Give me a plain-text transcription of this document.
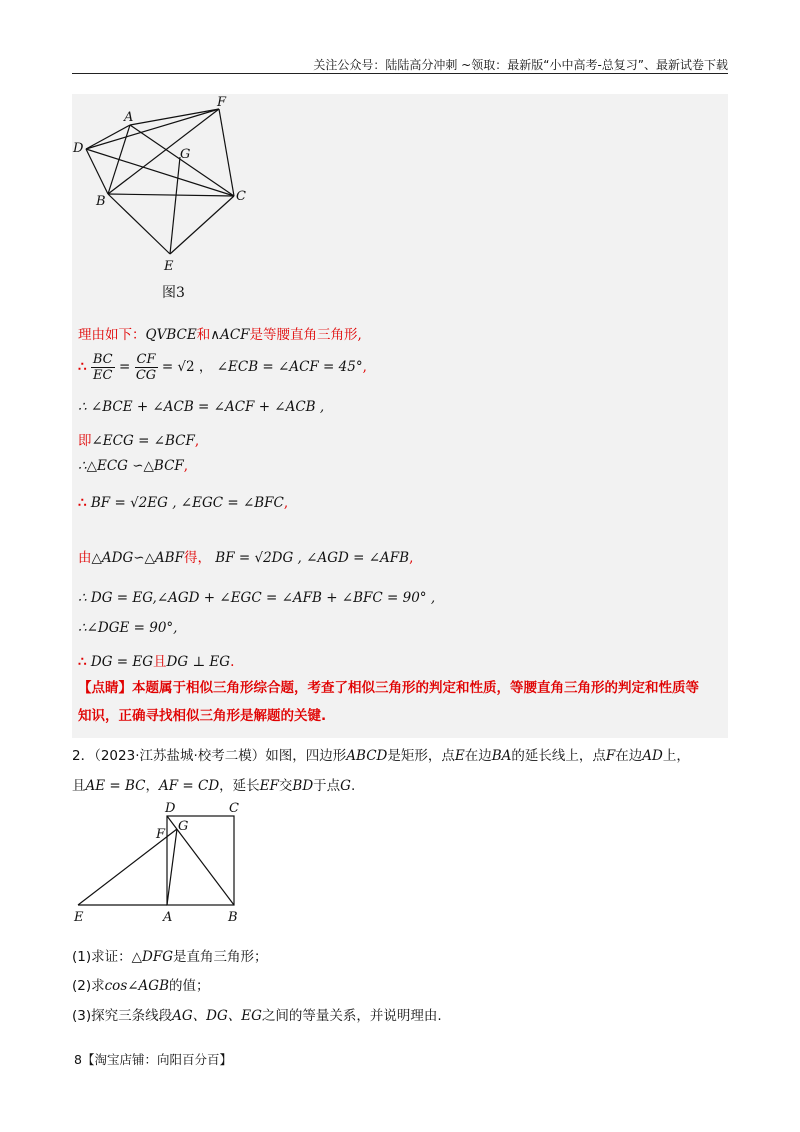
关注公众号：陆陆高分冲刺 ~领取：最新版“小中高考-总复习”、最新试卷下载
A
F
D	G
B	C
E
图3
理由如下：QVBCE和∧ACF是等腰直角三角形,
∴ $\frac{BC}{EC} = \frac{CF}{CG} = √2$ ， ∠ECB = ∠ACF = 45°,
∴ ∠BCE + ∠ACB = ∠ACF + ∠ACB ,
即∠ECG = ∠BCF,
∴△ECG ∽△BCF,
∴ BF = √2EG , ∠EGC = ∠BFC,
由△ADG∽△ABF得， BF = √2DG , ∠AGD = ∠AFB,
∴ DG = EG,∠AGD + ∠EGC = ∠AFB + ∠BFC = 90° ,
∴∠DGE = 90°,
∴ DG = EG且DG ⊥ EG.
【点睛】本题属于相似三角形综合题，考查了相似三角形的判定和性质，等腰直角三角形的判定和性质等
知识，正确寻找相似三角形是解题的关键.
2．（2023·江苏盐城·校考二模）如图，四边形ABCD是矩形，点E在边BA的延长线上，点F在边AD上，
且AE = BC，AF = CD，延长EF交BD于点G.
D	C
F
G
E	A	B
(1)求证：△DFG是直角三角形；
(2)求cos∠AGB的值；
(3)探究三条线段AG、DG、EG之间的等量关系，并说明理由.
8【淘宝店铺：向阳百分百】
